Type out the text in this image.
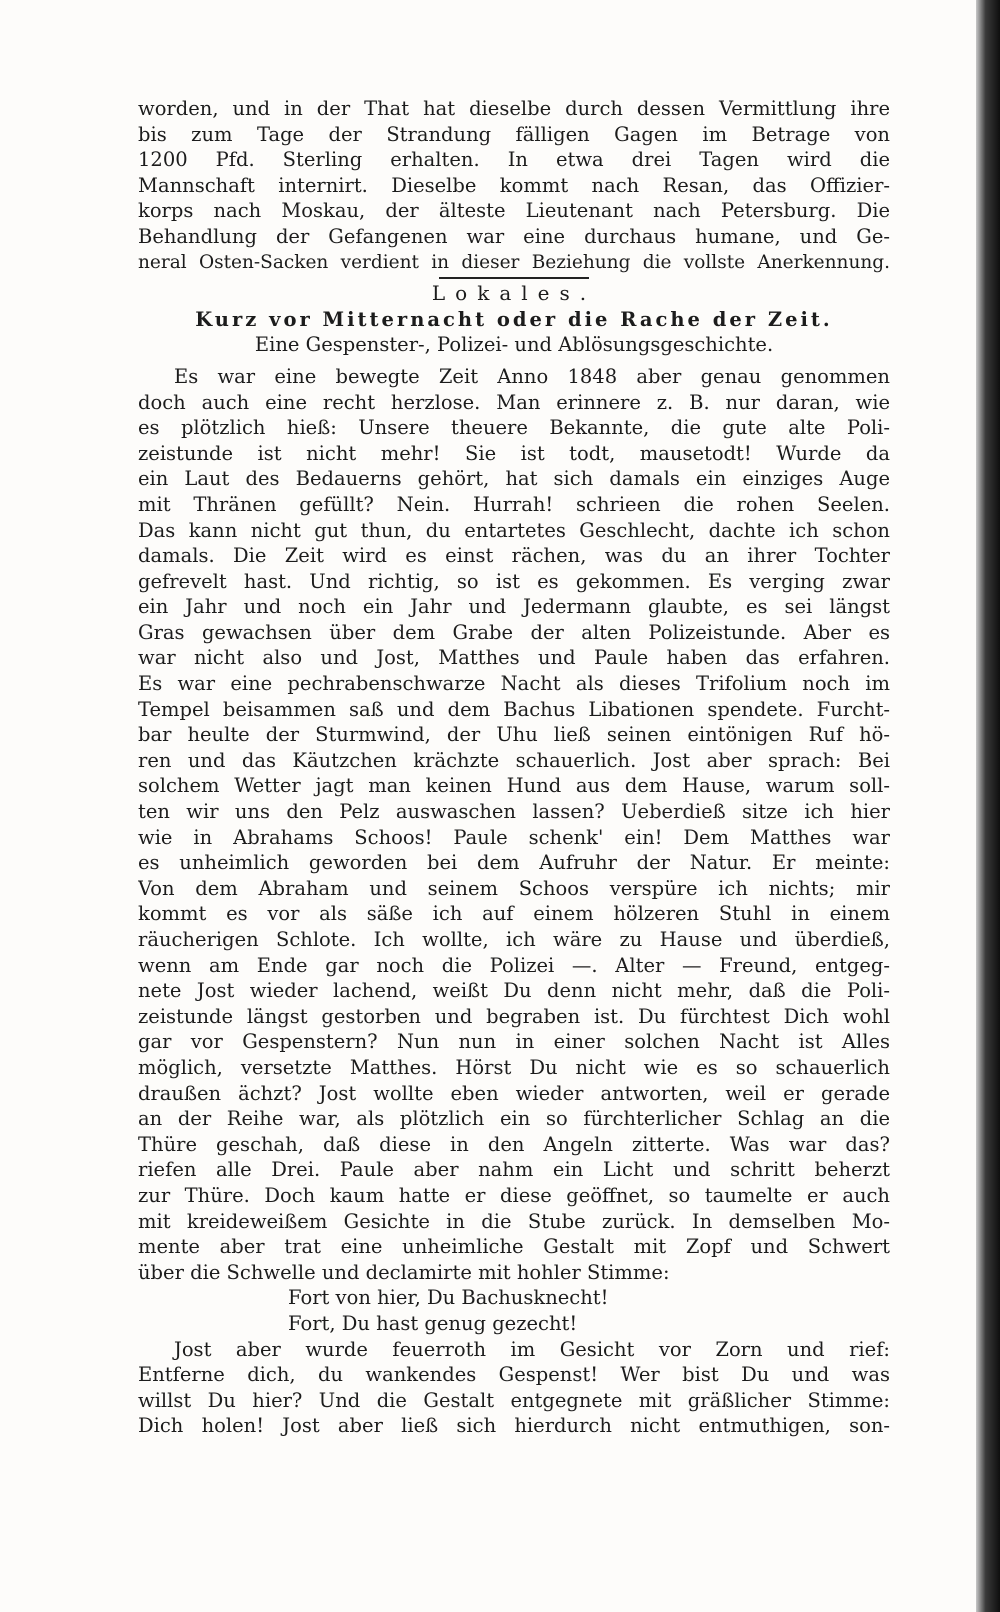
worden, und in der That hat dieselbe durch dessen Vermittlung ihre
bis zum Tage der Strandung fälligen Gagen im Betrage von
1200 Pfd. Sterling erhalten. In etwa drei Tagen wird die
Mannschaft internirt. Dieselbe kommt nach Resan, das Offizier-
korps nach Moskau, der älteste Lieutenant nach Petersburg. Die
Behandlung der Gefangenen war eine durchaus humane, und Ge-
neral Osten-Sacken verdient in dieser Beziehung die vollste Anerkennung.
Lokales.
Kurz vor Mitternacht oder die Rache der Zeit.
Eine Gespenster-, Polizei- und Ablösungsgeschichte.
Es war eine bewegte Zeit Anno 1848 aber genau genommen
doch auch eine recht herzlose. Man erinnere z. B. nur daran, wie
es plötzlich hieß: Unsere theuere Bekannte, die gute alte Poli-
zeistunde ist nicht mehr! Sie ist todt, mausetodt! Wurde da
ein Laut des Bedauerns gehört, hat sich damals ein einziges Auge
mit Thränen gefüllt? Nein. Hurrah! schrieen die rohen Seelen.
Das kann nicht gut thun, du entartetes Geschlecht, dachte ich schon
damals. Die Zeit wird es einst rächen, was du an ihrer Tochter
gefrevelt hast. Und richtig, so ist es gekommen. Es verging zwar
ein Jahr und noch ein Jahr und Jedermann glaubte, es sei längst
Gras gewachsen über dem Grabe der alten Polizeistunde. Aber es
war nicht also und Jost, Matthes und Paule haben das erfahren.
Es war eine pechrabenschwarze Nacht als dieses Trifolium noch im
Tempel beisammen saß und dem Bachus Libationen spendete. Furcht-
bar heulte der Sturmwind, der Uhu ließ seinen eintönigen Ruf hö-
ren und das Käutzchen krächzte schauerlich. Jost aber sprach: Bei
solchem Wetter jagt man keinen Hund aus dem Hause, warum soll-
ten wir uns den Pelz auswaschen lassen? Ueberdieß sitze ich hier
wie in Abrahams Schoos! Paule schenk' ein! Dem Matthes war
es unheimlich geworden bei dem Aufruhr der Natur. Er meinte:
Von dem Abraham und seinem Schoos verspüre ich nichts; mir
kommt es vor als säße ich auf einem hölzeren Stuhl in einem
räucherigen Schlote. Ich wollte, ich wäre zu Hause und überdieß,
wenn am Ende gar noch die Polizei —. Alter — Freund, entgeg-
nete Jost wieder lachend, weißt Du denn nicht mehr, daß die Poli-
zeistunde längst gestorben und begraben ist. Du fürchtest Dich wohl
gar vor Gespenstern? Nun nun in einer solchen Nacht ist Alles
möglich, versetzte Matthes. Hörst Du nicht wie es so schauerlich
draußen ächzt? Jost wollte eben wieder antworten, weil er gerade
an der Reihe war, als plötzlich ein so fürchterlicher Schlag an die
Thüre geschah, daß diese in den Angeln zitterte. Was war das?
riefen alle Drei. Paule aber nahm ein Licht und schritt beherzt
zur Thüre. Doch kaum hatte er diese geöffnet, so taumelte er auch
mit kreideweißem Gesichte in die Stube zurück. In demselben Mo-
mente aber trat eine unheimliche Gestalt mit Zopf und Schwert
über die Schwelle und declamirte mit hohler Stimme:
Fort von hier, Du Bachusknecht!
Fort, Du hast genug gezecht!
Jost aber wurde feuerroth im Gesicht vor Zorn und rief:
Entferne dich, du wankendes Gespenst! Wer bist Du und was
willst Du hier? Und die Gestalt entgegnete mit gräßlicher Stimme:
Dich holen! Jost aber ließ sich hierdurch nicht entmuthigen, son-
